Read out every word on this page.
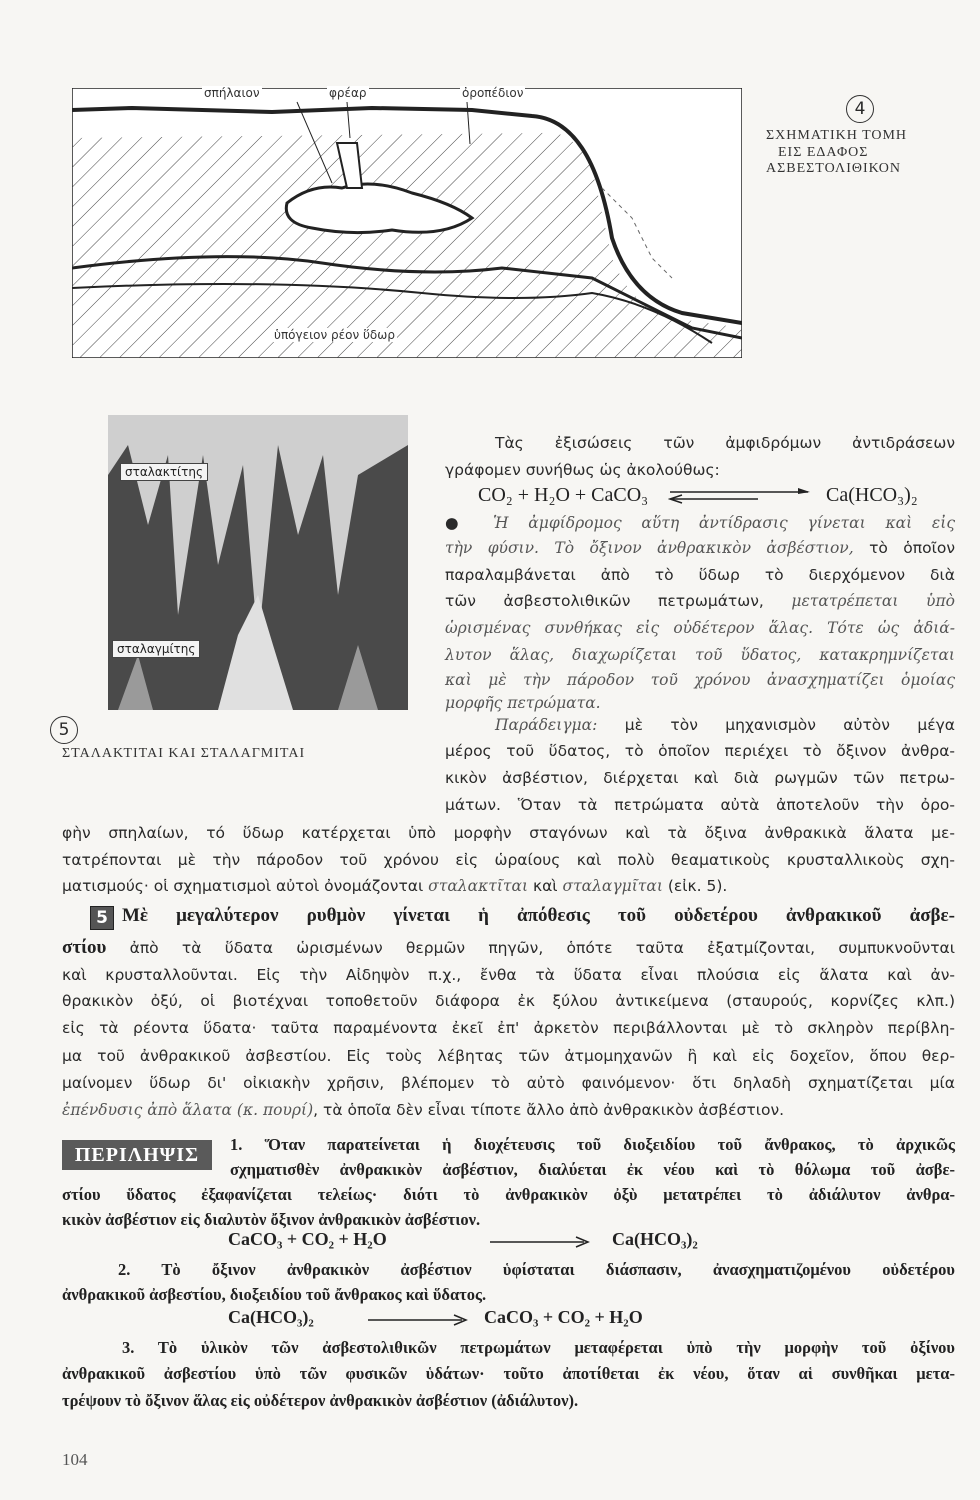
σπήλαιον	φρέαρ	ὀροπέδιον
ὑπόγειον ρέον ὕδωρ
4
ΣΧΗΜΑΤΙΚΗ ΤΟΜΗ
ΕΙΣ ΕΔΑΦΟΣ
ΑΣΒΕΣΤΟΛΙΘΙΚΟΝ
σταλακτίτης
σταλαγμίτης
5
ΣΤΑΛΑΚΤΙΤΑΙ ΚΑΙ ΣΤΑΛΑΓΜΙΤΑΙ
CO₂ + H₂O + CaCO₃	Ca(HCO₃)₂
5
ΠΕΡΙΛΗΨΙΣ
CaCO₃ + CO₂ + H₂O	Ca(HCO₃)₂
Ca(HCO₃)₂	CaCO₃ + CO₂ + H₂O
104
Τὰς ἐξισώσεις τῶν ἀμφιδρόμων ἀντιδράσεων
γράφομεν συνήθως ὡς ἀκολούθως:
● Ἡ ἀμφίδρομος αὕτη ἀντίδρασις γίνεται καὶ εἰς
τὴν φύσιν. Τὸ ὄξινον ἀνθρακικὸν ἀσβέστιον, τὸ ὁποῖον
παραλαμβάνεται ἀπὸ τὸ ὕδωρ τὸ διερχόμενον διὰ
τῶν ἀσβεστολιθικῶν πετρωμάτων, μετατρέπεται ὑπὸ
ὡρισμένας συνθήκας εἰς οὐδέτερον ἅλας. Τότε ὡς ἀδιά-
λυτον ἅλας, διαχωρίζεται τοῦ ὕδατος, κατακρημνίζεται
καὶ μὲ τὴν πάροδον τοῦ χρόνου ἀνασχηματίζει ὁμοίας
μορφῆς πετρώματα.
Παράδειγμα: μὲ τὸν μηχανισμὸν αὐτὸν μέγα
μέρος τοῦ ὕδατος, τὸ ὁποῖον περιέχει τὸ ὄξινον ἀνθρα-
κικὸν ἀσβέστιον, διέρχεται καὶ διὰ ρωγμῶν τῶν πετρω-
μάτων. Ὅταν τὰ πετρώματα αὐτὰ ἀποτελοῦν τὴν ὀρο-
φὴν σπηλαίων, τό ὕδωρ κατέρχεται ὑπὸ μορφὴν σταγόνων καὶ τὰ ὄξινα ἀνθρακικὰ ἅλατα με-
τατρέπονται μὲ τὴν πάροδον τοῦ χρόνου εἰς ὡραίους καὶ πολὺ θεαματικοὺς κρυσταλλικοὺς σχη-
ματισμούς· οἱ σχηματισμοὶ αὐτοὶ ὀνομάζονται σταλακτῖται καὶ σταλαγμῖται (εἰκ. 5).
Μὲ μεγαλύτερον ρυθμὸν γίνεται ἡ ἀπόθεσις τοῦ οὐδετέρου ἀνθρακικοῦ ἀσβε-
στίου ἀπὸ τὰ ὕδατα ὡρισμένων θερμῶν πηγῶν, ὁπότε ταῦτα ἐξατμίζονται, συμπυκνοῦνται
καὶ κρυσταλλοῦνται. Εἰς τὴν Αἰδηψὸν π.χ., ἔνθα τὰ ὕδατα εἶναι πλούσια εἰς ἅλατα καὶ ἀν-
θρακικὸν ὀξύ, οἱ βιοτέχναι τοποθετοῦν διάφορα ἐκ ξύλου ἀντικείμενα (σταυρούς, κορνίζες κλπ.)
εἰς τὰ ρέοντα ὕδατα· ταῦτα παραμένοντα ἐκεῖ ἐπ' ἀρκετὸν περιβάλλονται μὲ τὸ σκληρὸν περίβλη-
μα τοῦ ἀνθρακικοῦ ἀσβεστίου. Εἰς τοὺς λέβητας τῶν ἀτμομηχανῶν ἢ καὶ εἰς δοχεῖον, ὅπου θερ-
μαίνομεν ὕδωρ δι' οἰκιακὴν χρῆσιν, βλέπομεν τὸ αὐτὸ φαινόμενον· ὅτι δηλαδὴ σχηματίζεται μία
ἐπένδυσις ἀπὸ ἅλατα (κ. πουρί), τὰ ὁποῖα δὲν εἶναι τίποτε ἄλλο ἀπὸ ἀνθρακικὸν ἀσβέστιον.
1. Ὅταν παρατείνεται ἡ διοχέτευσις τοῦ διοξειδίου τοῦ ἄνθρακος, τὸ ἀρχικῶς
σχηματισθὲν ἀνθρακικὸν ἀσβέστιον, διαλύεται ἐκ νέου καὶ τὸ θόλωμα τοῦ ἀσβε-
στίου ὕδατος ἐξαφανίζεται τελείως· διότι τὸ ἀνθρακικὸν ὀξὺ μετατρέπει τὸ ἀδιάλυτον ἀνθρα-
κικὸν ἀσβέστιον εἰς διαλυτὸν ὄξινον ἀνθρακικὸν ἀσβέστιον.
2. Τὸ ὄξινον ἀνθρακικὸν ἀσβέστιον ὑφίσταται διάσπασιν, ἀνασχηματιζομένου οὐδετέρου
ἀνθρακικοῦ ἀσβεστίου, διοξειδίου τοῦ ἄνθρακος καὶ ὕδατος.
3. Τὸ ὑλικὸν τῶν ἀσβεστολιθικῶν πετρωμάτων μεταφέρεται ὑπὸ τὴν μορφὴν τοῦ ὀξίνου
ἀνθρακικοῦ ἀσβεστίου ὑπὸ τῶν φυσικῶν ὑδάτων· τοῦτο ἀποτίθεται ἐκ νέου, ὅταν αἱ συνθῆκαι μετα-
τρέψουν τὸ ὄξινον ἅλας εἰς οὐδέτερον ἀνθρακικὸν ἀσβέστιον (ἀδιάλυτον).
